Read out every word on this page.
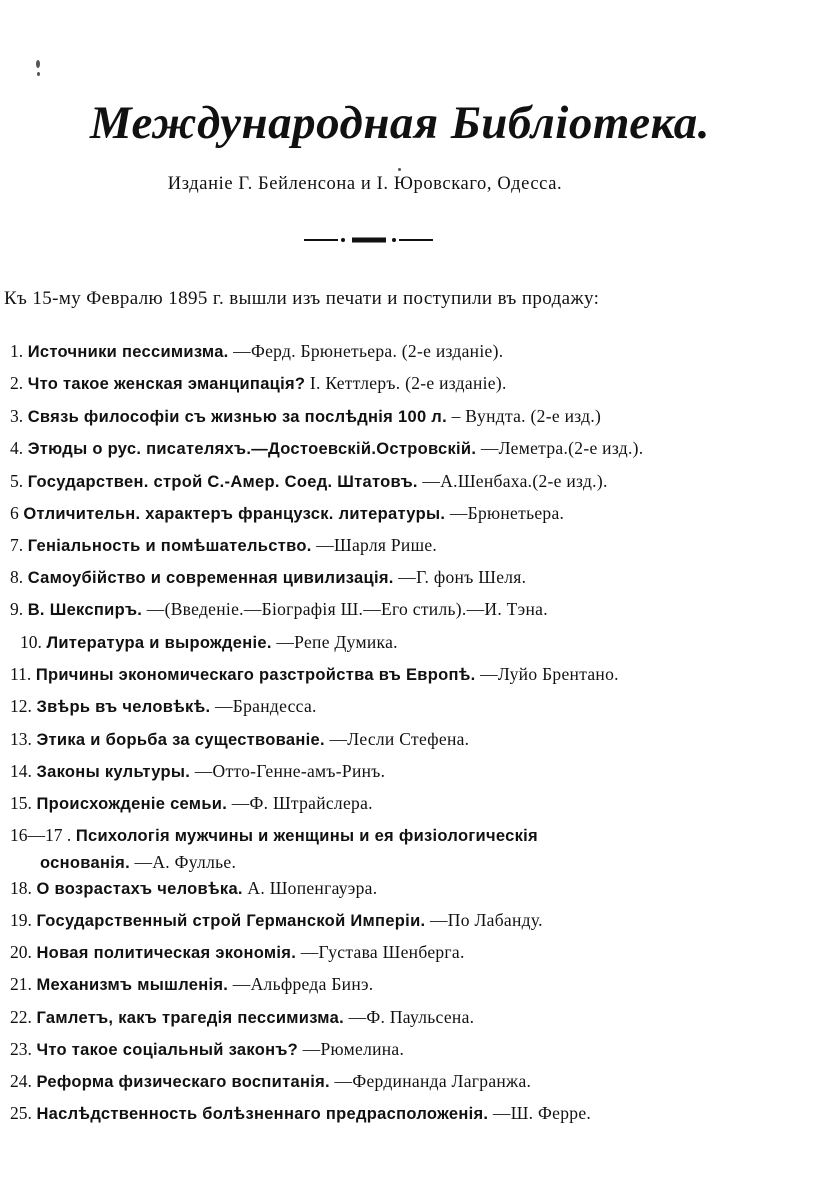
Международная Библіотека.
Изданіе Г. Бейленсона и І. Юровскаго, Одесса.
Къ 15-му Февралю 1895 г. вышли изъ печати и поступили въ продажу:
1. Источники пессимизма. —Ферд. Брюнетьера. (2-е изданіе).
2. Что такое женская эманципація? I. Кеттлеръ. (2-е изданіе).
3. Связь философіи съ жизнью за послѣднія 100 л. – Вундта. (2-е изд.)
4. Этюды о рус. писателяхъ.—Достоевскій.Островскій. —Леметра.(2-е изд.).
5. Государствен. строй С.-Амер. Соед. Штатовъ. —А.Шенбаха.(2-е изд.).
6 Отличительн. характеръ французск. литературы. —Брюнетьера.
7. Геніальность и помѣшательство. —Шарля Рише.
8. Самоубійство и современная цивилизація. —Г. фонъ Шеля.
9. В. Шекспиръ. —(Введеніе.—Біографія Ш.—Его стиль).—И. Тэна.
10. Литература и вырожденіе. —Репе Думика.
11. Причины экономическаго разстройства въ Европѣ. —Луйо Брентано.
12. Звѣрь въ человѣкѣ. —Брандесса.
13. Этика и борьба за существованіе. —Лесли Стефена.
14. Законы культуры. —Отто-Генне-амъ-Ринъ.
15. Происхожденіе семьи. —Ф. Штрайслера.
16—17 . Психологія мужчины и женщины и ея физіологическія
основанія. —А. Фулльe.
18. О возрастахъ человѣка. А. Шопенгауэра.
19. Государственный строй Германской Имперіи. —По Лабанду.
20. Новая политическая экономія. —Густава Шенберга.
21. Механизмъ мышленія. —Альфреда Бинэ.
22. Гамлетъ, какъ трагедія пессимизма. —Ф. Паульсена.
23. Что такое соціальный законъ? —Рюмелина.
24. Реформа физическаго воспитанія. —Фердинанда Лагранжа.
25. Наслѣдственность болѣзненнаго предрасположенія. —Ш. Ферре.
